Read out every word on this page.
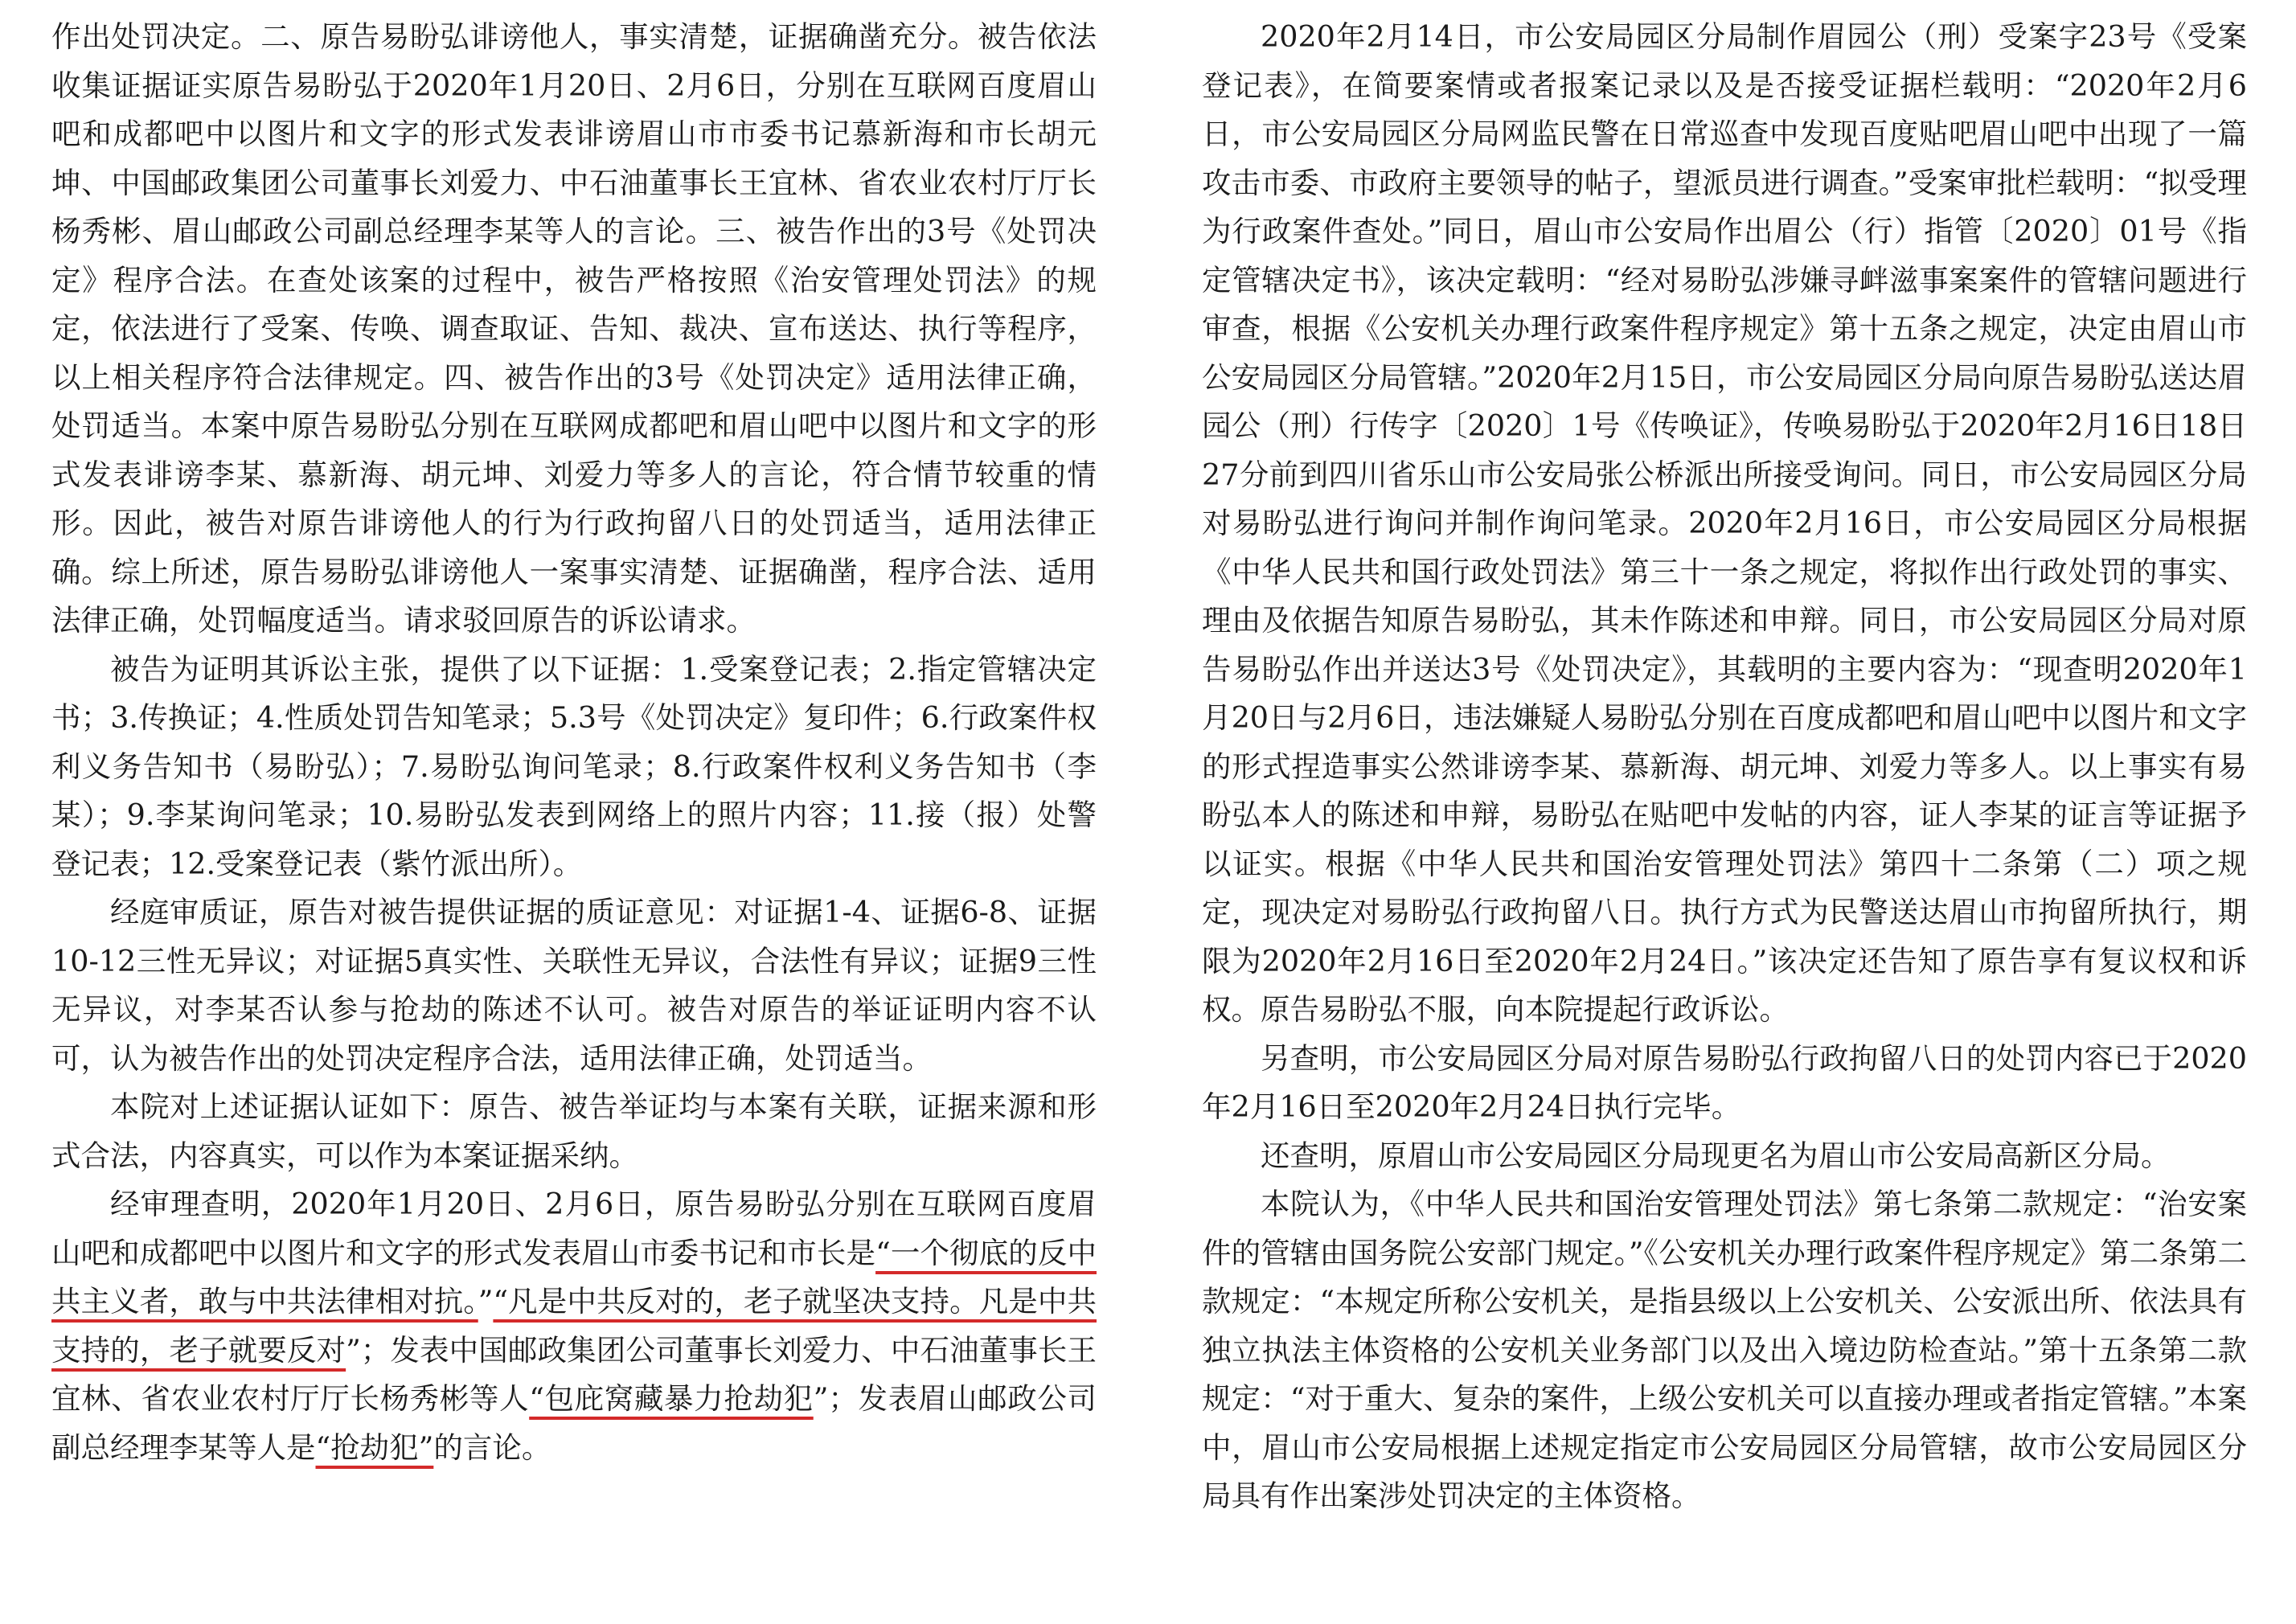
作出处罚决定。二、原告易盼弘诽谤他人，事实清楚，证据确凿充分。被告依法收集证据证实原告易盼弘于2020年1月20日、2月6日，分别在互联网百度眉山吧和成都吧中以图片和文字的形式发表诽谤眉山市市委书记慕新海和市长胡元坤、中国邮政集团公司董事长刘爱力、中石油董事长王宜林、省农业农村厅厅长杨秀彬、眉山邮政公司副总经理李某等人的言论。三、被告作出的3号《处罚决定》程序合法。在查处该案的过程中，被告严格按照《治安管理处罚法》的规定，依法进行了受案、传唤、调查取证、告知、裁决、宣布送达、执行等程序，以上相关程序符合法律规定。四、被告作出的3号《处罚决定》适用法律正确，处罚适当。本案中原告易盼弘分别在互联网成都吧和眉山吧中以图片和文字的形式发表诽谤李某、慕新海、胡元坤、刘爱力等多人的言论，符合情节较重的情形。因此，被告对原告诽谤他人的行为行政拘留八日的处罚适当，适用法律正确。综上所述，原告易盼弘诽谤他人一案事实清楚、证据确凿，程序合法、适用法律正确，处罚幅度适当。请求驳回原告的诉讼请求。

被告为证明其诉讼主张，提供了以下证据：1.受案登记表；2.指定管辖决定书；3.传换证；4.性质处罚告知笔录；5.3号《处罚决定》复印件；6.行政案件权利义务告知书（易盼弘）；7.易盼弘询问笔录；8.行政案件权利义务告知书（李某）；9.李某询问笔录；10.易盼弘发表到网络上的照片内容；11.接（报）处警登记表；12.受案登记表（紫竹派出所）。

经庭审质证，原告对被告提供证据的质证意见：对证据1-4、证据6-8、证据10-12三性无异议；对证据5真实性、关联性无异议，合法性有异议；证据9三性无异议，对李某否认参与抢劫的陈述不认可。被告对原告的举证证明内容不认可，认为被告作出的处罚决定程序合法，适用法律正确，处罚适当。

本院对上述证据认证如下：原告、被告举证均与本案有关联，证据来源和形式合法，内容真实，可以作为本案证据采纳。

经审理查明，2020年1月20日、2月6日，原告易盼弘分别在互联网百度眉山吧和成都吧中以图片和文字的形式发表眉山市委书记和市长是“一个彻底的反中共主义者，敢与中共法律相对抗。”“凡是中共反对的，老子就坚决支持。凡是中共支持的，老子就要反对”；发表中国邮政集团公司董事长刘爱力、中石油董事长王宜林、省农业农村厅厅长杨秀彬等人“包庇窝藏暴力抢劫犯”；发表眉山邮政公司副总经理李某等人是“抢劫犯”的言论。

2020年2月14日，市公安局园区分局制作眉园公（刑）受案字23号《受案登记表》，在简要案情或者报案记录以及是否接受证据栏载明：“2020年2月6日，市公安局园区分局网监民警在日常巡查中发现百度贴吧眉山吧中出现了一篇攻击市委、市政府主要领导的帖子，望派员进行调查。”受案审批栏载明：“拟受理为行政案件查处。”同日，眉山市公安局作出眉公（行）指管〔2020〕01号《指定管辖决定书》，该决定载明：“经对易盼弘涉嫌寻衅滋事案案件的管辖问题进行审查，根据《公安机关办理行政案件程序规定》第十五条之规定，决定由眉山市公安局园区分局管辖。”2020年2月15日，市公安局园区分局向原告易盼弘送达眉园公（刑）行传字〔2020〕1号《传唤证》，传唤易盼弘于2020年2月16日18日27分前到四川省乐山市公安局张公桥派出所接受询问。同日，市公安局园区分局对易盼弘进行询问并制作询问笔录。2020年2月16日，市公安局园区分局根据《中华人民共和国行政处罚法》第三十一条之规定，将拟作出行政处罚的事实、理由及依据告知原告易盼弘，其未作陈述和申辩。同日，市公安局园区分局对原告易盼弘作出并送达3号《处罚决定》，其载明的主要内容为：“现查明2020年1月20日与2月6日，违法嫌疑人易盼弘分别在百度成都吧和眉山吧中以图片和文字的形式捏造事实公然诽谤李某、慕新海、胡元坤、刘爱力等多人。以上事实有易盼弘本人的陈述和申辩，易盼弘在贴吧中发帖的内容，证人李某的证言等证据予以证实。根据《中华人民共和国治安管理处罚法》第四十二条第（二）项之规定，现决定对易盼弘行政拘留八日。执行方式为民警送达眉山市拘留所执行，期限为2020年2月16日至2020年2月24日。”该决定还告知了原告享有复议权和诉权。原告易盼弘不服，向本院提起行政诉讼。

另查明，市公安局园区分局对原告易盼弘行政拘留八日的处罚内容已于2020年2月16日至2020年2月24日执行完毕。

还查明，原眉山市公安局园区分局现更名为眉山市公安局高新区分局。

本院认为，《中华人民共和国治安管理处罚法》第七条第二款规定：“治安案件的管辖由国务院公安部门规定。”《公安机关办理行政案件程序规定》第二条第二款规定：“本规定所称公安机关，是指县级以上公安机关、公安派出所、依法具有独立执法主体资格的公安机关业务部门以及出入境边防检查站。”第十五条第二款规定：“对于重大、复杂的案件，上级公安机关可以直接办理或者指定管辖。”本案中，眉山市公安局根据上述规定指定市公安局园区分局管辖，故市公安局园区分局具有作出案涉处罚决定的主体资格。
